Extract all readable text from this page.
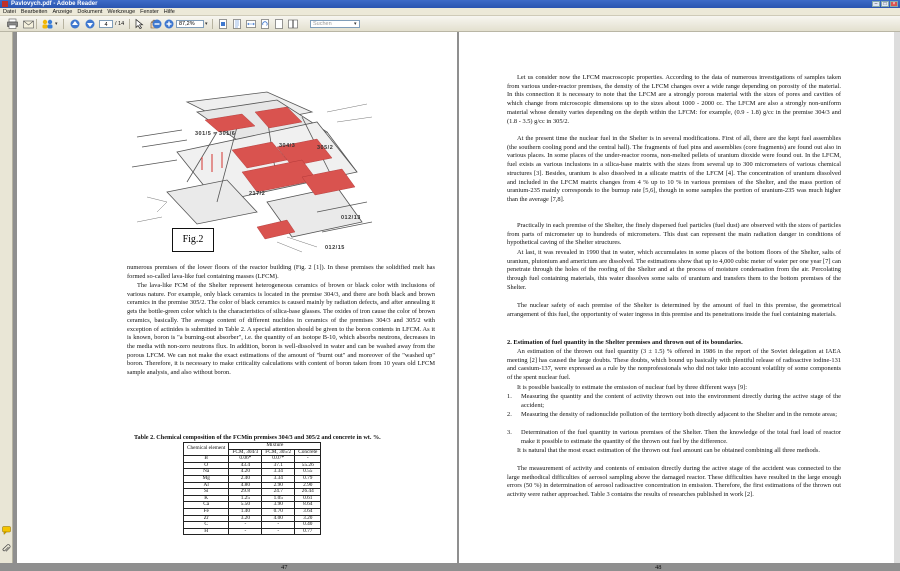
Pavlovych.pdf - Adobe Reader	–	□	×
Datei Bearbeiten Anzeige Dokument Werkzeuge Fenster Hilfe
▾	4	/ 14	87,2%	▾	Suchen	▾
301/5 = 301/6
304/3	305/2
217/2
012/13
012/15
Fig.2

numerous premises of the lower floors of the reactor building (Fig. 2 [1]). In these premises the solidified melt has formed so-called lava-like fuel containing masses (LFCM).

The lava-like FCM of the Shelter represent heterogeneous ceramics of brown or black color with inclusions of various nature. For example, only black ceramics is located in the premise 304/3, and there are both black and brown ceramics in the premise 305/2. The color of black ceramics is caused mainly by radiation defects, and after annealing it gets the bottle-green color which is the characteristics of silica-base glasses. The oxides of iron cause the color of brown ceramics, basically. The average content of different nuclides in ceramics of the premises 304/3 and 305/2 with exception of actinides is submitted in Table 2. A special attention should be given to the boron contents in LFCM. As it is known, boron is "a burning-out absorber", i.e. the quantity of an isotope B-10, which absorbs neutrons, decreases in the media with non-zero neutrons flux. In addition, boron is well-dissolved in water and can be washed away from the porous LFCM. We can not make the exact estimations of the amount of "burnt out" and moreover of the "washed up" boron. Therefore, it is necessary to make criticality calculations with content of boron taken from 10 years old LFCM sample analysis, and also without boron.

Table 2. Chemical composition of the FCMin premises 304/3 and 305/2 and concrete in wt. %.
Chemical element	Mixture		
	FCM, 304/3	FCM, 305/2	Concrete
B	0.06*	0.07*	-
O	43.4	37.1	55.26
Na	4.20	3.34	0.55
Mg	2.40	3.34	0.79
Al	4.80	2.90	2.90
Si	29.8	24.7	26.44
K	1.25	1.05	0.61
Ca	5.50	3.90	8.64
Fe	1.40	0.70	3.64
Zr	3.20	4.00	3.20
C	-	-	0.40
H	-	-	0.77
47

Let us consider now the LFCM macroscopic properties. According to the data of numerous investigations of samples taken from various under-reactor premises, the density of the LFCM changes over a wide range depending on porosity of the material. In this connection it is necessary to note that the LFCM are a strongly porous material with the sizes of pores and cavities of which change from microscopic dimensions up to the sizes about 1000 - 2000 cc. The LFCM are also a strongly non-uniform material whose density varies depending on the depth within the LFCM: for example, (0.9 - 1.8) g/cc in the premise 304/3 and (1.8 - 3.5) g/cc in 305/2.

At the present time the nuclear fuel in the Shelter is in several modifications. First of all, there are the kept fuel assemblies (the southern cooling pond and the central hall). The fragments of fuel pins and assemblies (core fragments) are found out also in various places. In some places of the under-reactor rooms, non-melted pellets of uranium dioxide were found out. In the LFCM, fuel exists as various inclusions in a silica-base matrix with the sizes from several up to 300 micrometers of various chemical structures [3]. Besides, uranium is also dissolved in a silicate matrix of the LFCM [4]. The concentration of uranium dissolved and included in the LFCM matrix changes from 4 % up to 10 % in various premises of the Shelter, and the mass portion of uranium-235 mainly corresponds to the burnup rate [5,6], though in some samples the portion of uranium-235 was much higher than the average [7,8].

Practically in each premise of the Shelter, the finely dispersed fuel particles (fuel dust) are observed with the sizes of particles from parts of micrometer up to hundreds of micrometers. This dust can represent the main radiation danger in conditions of hypothetical caving of the Shelter structures.

At last, it was revealed in 1990 that in water, which accumulates in some places of the bottom floors of the Shelter, salts of uranium, plutonium and americium are dissolved. The estimations show that up to 4,000 cubic meter of water per one year [7] can penetrate through the holes of the roofing of the Shelter and at the process of moisture condensation from the air. Percolating through fuel containing materials, this water dissolves some salts of uranium and transfers them to the bottom premises of the Shelter.

The nuclear safety of each premise of the Shelter is determined by the amount of fuel in this premise, the geometrical arrangement of this fuel, the opportunity of water ingress in this premise and its penetrations inside the fuel containing materials.

2. Estimation of fuel quantity in the Shelter premises and thrown out of its boundaries.

An estimation of the thrown out fuel quantity (3 ± 1.5) % offered in 1986 in the report of the Soviet delegation at IAEA meeting [2] has caused the large doubts. These doubts, which bound up basically with plentiful release of radioactive iodine-131 and caesium-137, were expressed as a rule by the nonprofessionals who did not take into account volatility of some components of the spent nuclear fuel.

It is possible basically to estimate the emission of nuclear fuel by three different ways [9]:

1. Measuring the quantity and the content of activity thrown out into the environment directly during the active stage of the accident;
2. Measuring the density of radionuclide pollution of the territory both directly adjacent to the Shelter and in the remote areas;
3. Determination of the fuel quantity in various premises of the Shelter. Then the knowledge of the total fuel load of reactor make it possible to estimate the quantity of the thrown out fuel by the difference.

It is natural that the most exact estimation of the thrown out fuel amount can be obtained combining all three methods.

The measurement of activity and contents of emission directly during the active stage of the accident was connected to the large methodical difficulties of aerosol sampling above the damaged reactor. These difficulties have resulted in the large enough errors (50 %) in determination of aerosol radioactive concentration in emission. Therefore, the first estimations of the thrown out activity were rather approached. Table 3 contains the results of researches published in work [2].

48
